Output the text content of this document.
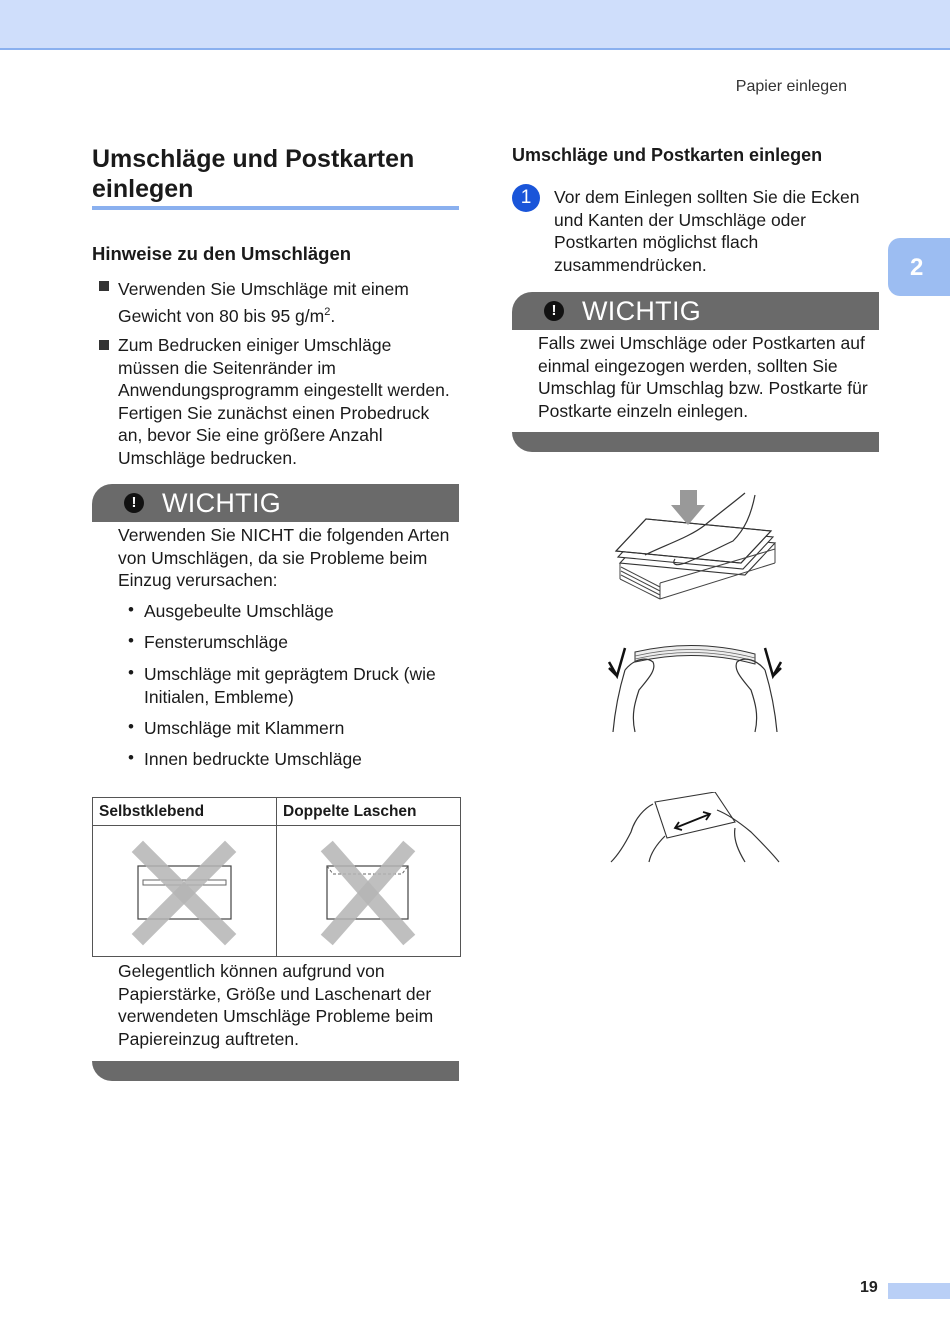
Papier einlegen
2
Umschläge und Postkarten
einlegen
Hinweise zu den Umschlägen
Verwenden Sie Umschläge mit einem Gewicht von 80 bis 95 $g/m^2$.
Zum Bedrucken einiger Umschläge müssen die Seitenränder im Anwendungsprogramm eingestellt werden. Fertigen Sie zunächst einen Probedruck an, bevor Sie eine größere Anzahl Umschläge bedrucken.
! WICHTIG
Verwenden Sie NICHT die folgenden Arten von Umschlägen, da sie Probleme beim Einzug verursachen:
• Ausgebeulte Umschläge
• Fensterumschläge
• Umschläge mit geprägtem Druck (wie Initialen, Embleme)
• Umschläge mit Klammern
• Innen bedruckte Umschläge
Selbstklebend	Doppelte Laschen

Gelegentlich können aufgrund von Papierstärke, Größe und Laschenart der verwendeten Umschläge Probleme beim Papiereinzug auftreten.
Umschläge und Postkarten einlegen
1	Vor dem Einlegen sollten Sie die Ecken und Kanten der Umschläge oder Postkarten möglichst flach zusammendrücken.
! WICHTIG
Falls zwei Umschläge oder Postkarten auf einmal eingezogen werden, sollten Sie Umschlag für Umschlag bzw. Postkarte für Postkarte einzeln einlegen.
19
